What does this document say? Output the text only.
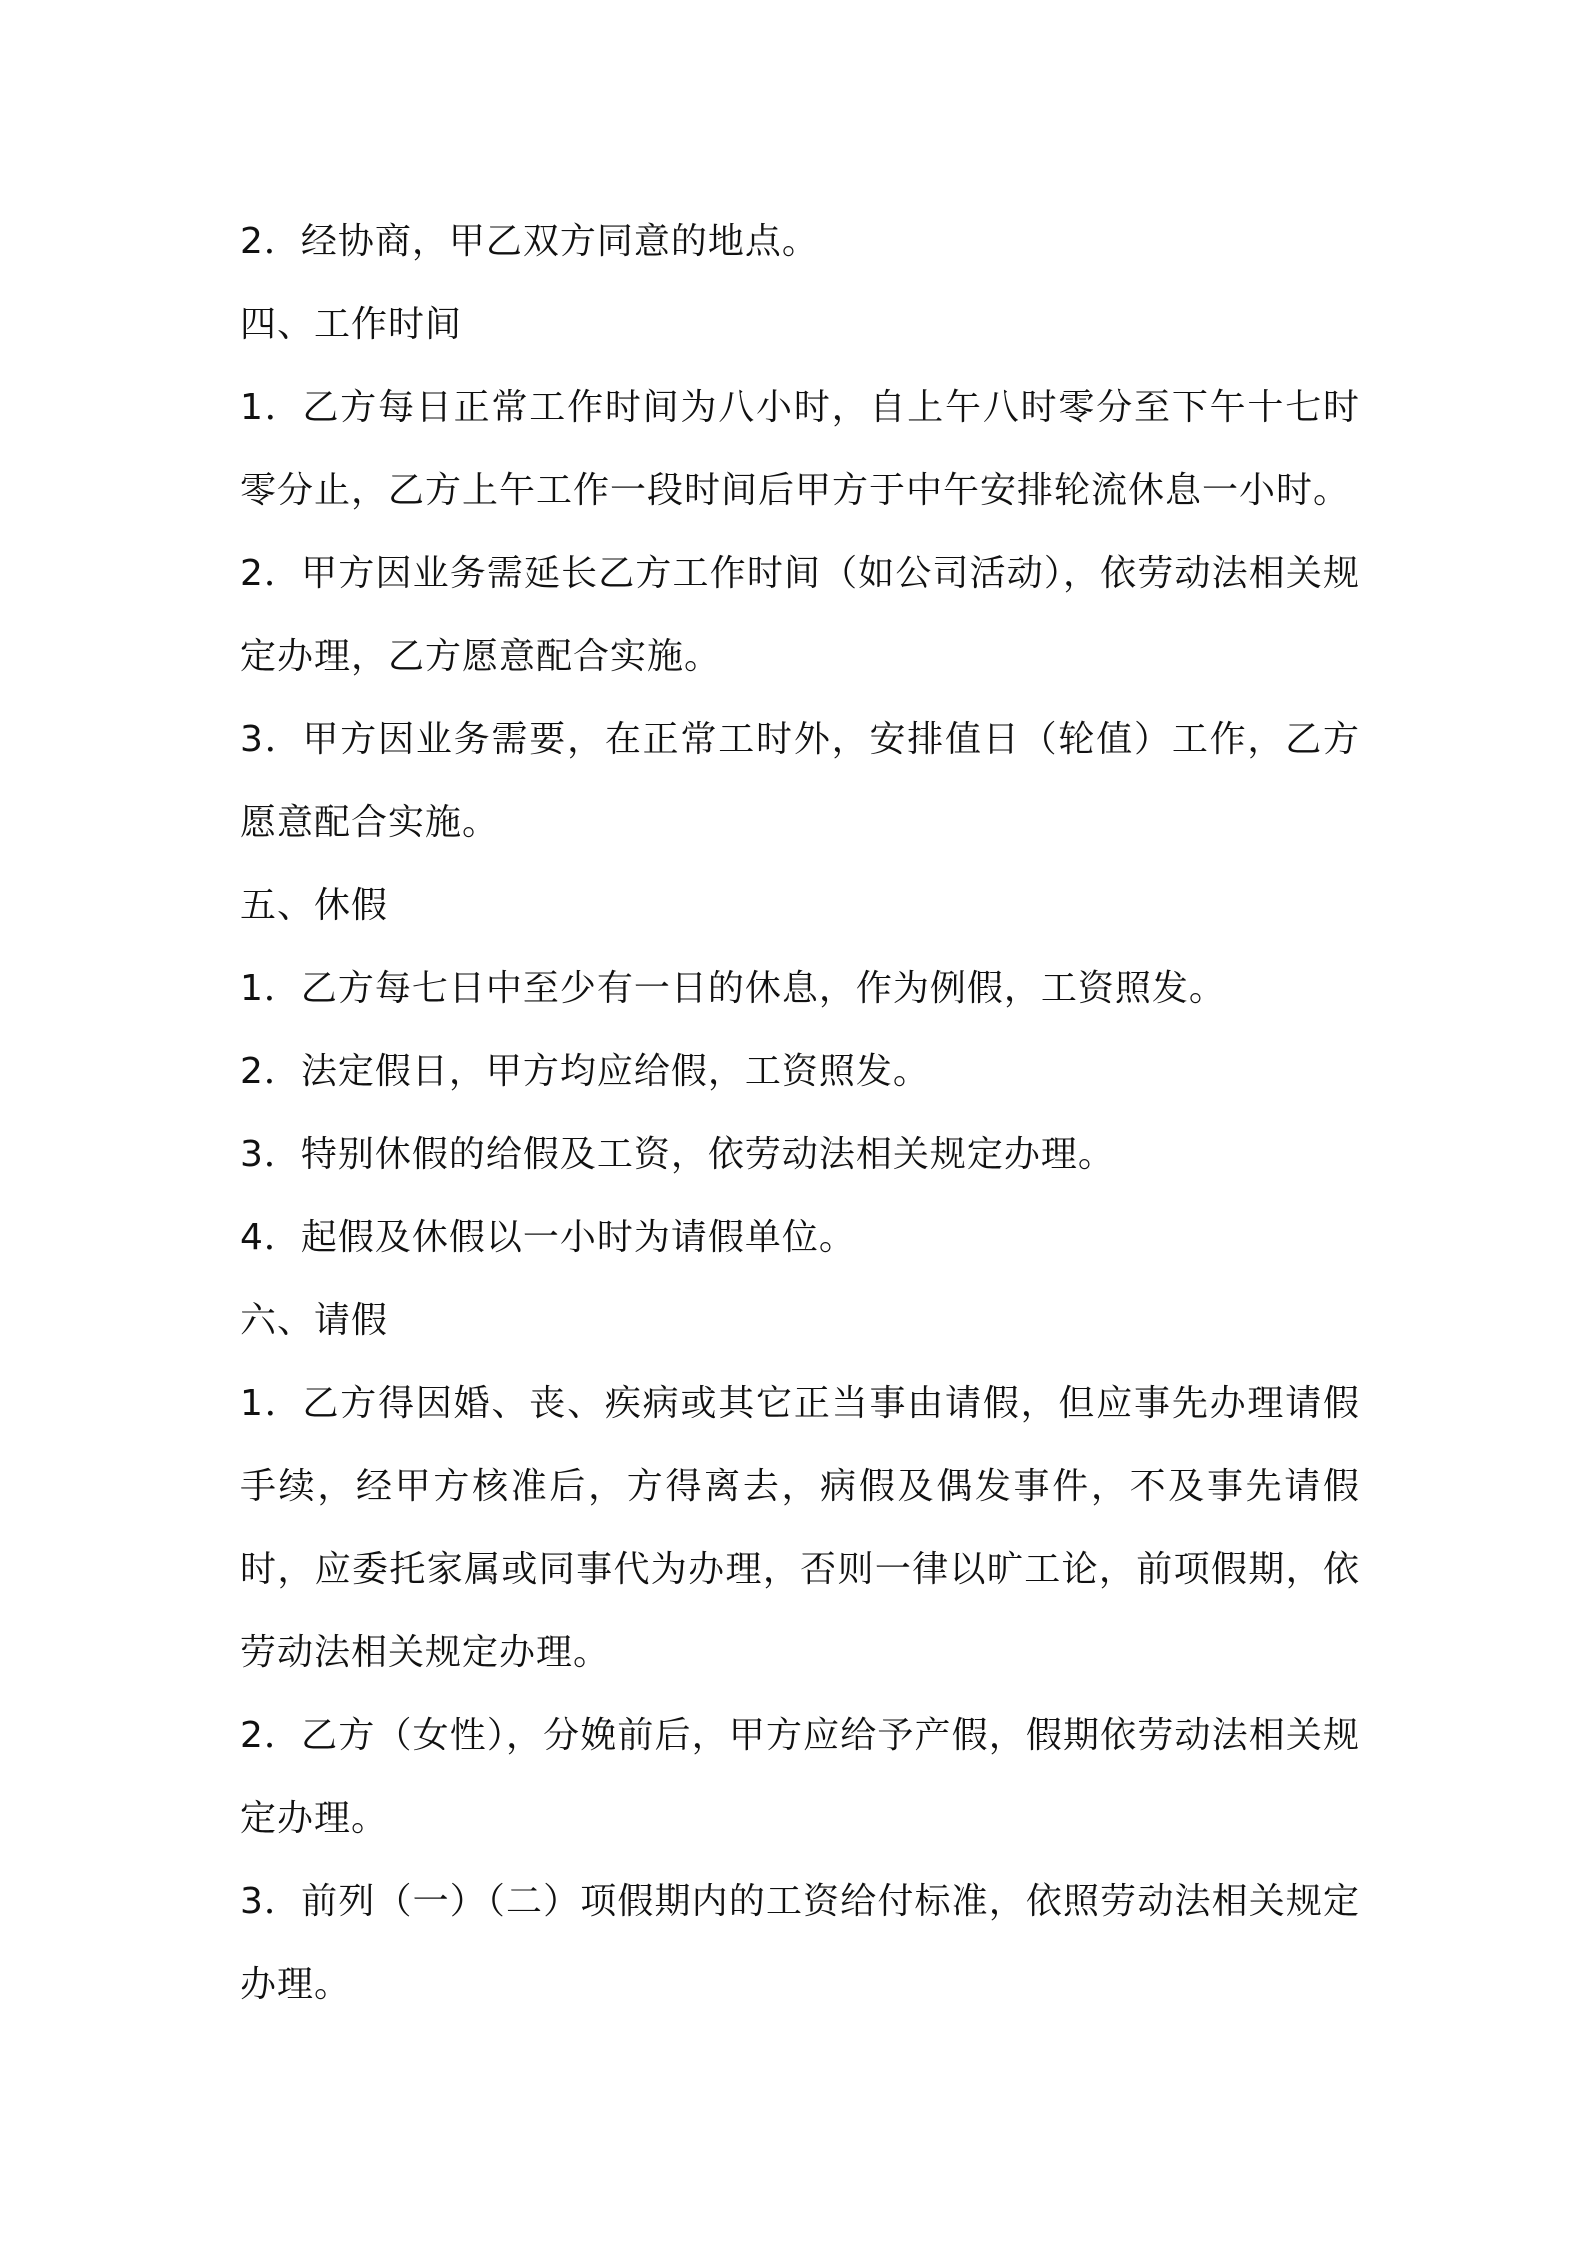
2．经协商，甲乙双方同意的地点。

四、工作时间

1．乙方每日正常工作时间为八小时，自上午八时零分至下午十七时零分止，乙方上午工作一段时间后甲方于中午安排轮流休息一小时。

2．甲方因业务需延长乙方工作时间（如公司活动），依劳动法相关规定办理，乙方愿意配合实施。

3．甲方因业务需要，在正常工时外，安排值日（轮值）工作，乙方愿意配合实施。

五、休假

1．乙方每七日中至少有一日的休息，作为例假，工资照发。

2．法定假日，甲方均应给假，工资照发。

3．特别休假的给假及工资，依劳动法相关规定办理。

4．起假及休假以一小时为请假单位。

六、请假

1．乙方得因婚、丧、疾病或其它正当事由请假，但应事先办理请假手续，经甲方核准后，方得离去，病假及偶发事件，不及事先请假时，应委托家属或同事代为办理，否则一律以旷工论，前项假期，依劳动法相关规定办理。

2．乙方（女性），分娩前后，甲方应给予产假，假期依劳动法相关规定办理。

3．前列（一）（二）项假期内的工资给付标准，依照劳动法相关规定办理。
